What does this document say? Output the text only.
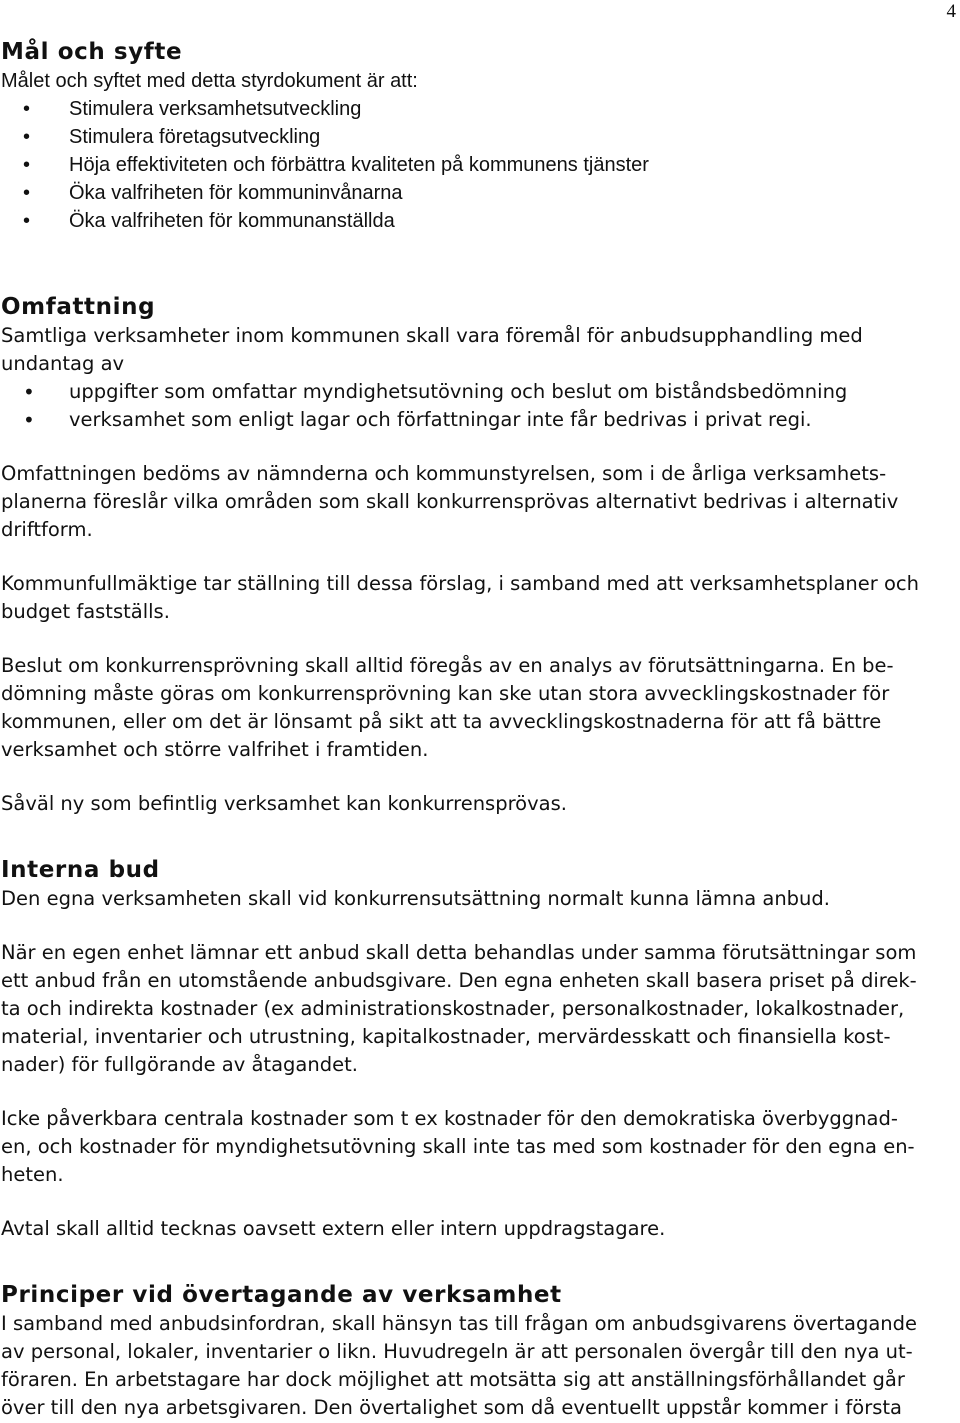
4
Mål och syfte

Målet och syftet med detta styrdokument är att:

• Stimulera verksamhetsutveckling
• Stimulera företagsutveckling
• Höja effektiviteten och förbättra kvaliteten på kommunens tjänster
• Öka valfriheten för kommuninvånarna
• Öka valfriheten för kommunanställda
Omfattning

Samtliga verksamheter inom kommunen skall vara föremål för anbudsupphandling med

undantag av

• uppgifter som omfattar myndighetsutövning och beslut om biståndsbedömning
• verksamhet som enligt lagar och författningar inte får bedrivas i privat regi.

Omfattningen bedöms av nämnderna och kommunstyrelsen, som i de årliga verksamhets-

planerna föreslår vilka områden som skall konkurrensprövas alternativt bedrivas i alternativ

driftform.

Kommunfullmäktige tar ställning till dessa förslag, i samband med att verksamhetsplaner och

budget fastställs.

Beslut om konkurrensprövning skall alltid föregås av en analys av förutsättningarna. En be-

dömning måste göras om konkurrensprövning kan ske utan stora avvecklingskostnader för

kommunen, eller om det är lönsamt på sikt att ta avvecklingskostnaderna för att få bättre

verksamhet och större valfrihet i framtiden.

Såväl ny som befintlig verksamhet kan konkurrensprövas.

Interna bud

Den egna verksamheten skall vid konkurrensutsättning normalt kunna lämna anbud.

När en egen enhet lämnar ett anbud skall detta behandlas under samma förutsättningar som

ett anbud från en utomstående anbudsgivare. Den egna enheten skall basera priset på direk-

ta och indirekta kostnader (ex administrationskostnader, personalkostnader, lokalkostnader,

material, inventarier och utrustning, kapitalkostnader, mervärdesskatt och finansiella kost-

nader) för fullgörande av åtagandet.

Icke påverkbara centrala kostnader som t ex kostnader för den demokratiska överbyggnad-

en, och kostnader för myndighetsutövning skall inte tas med som kostnader för den egna en-

heten.

Avtal skall alltid tecknas oavsett extern eller intern uppdragstagare.

Principer vid övertagande av verksamhet

I samband med anbudsinfordran, skall hänsyn tas till frågan om anbudsgivarens övertagande

av personal, lokaler, inventarier o likn. Huvudregeln är att personalen övergår till den nya ut-

föraren. En arbetstagare har dock möjlighet att motsätta sig att anställningsförhållandet går

över till den nya arbetsgivaren. Den övertalighet som då eventuellt uppstår kommer i första
